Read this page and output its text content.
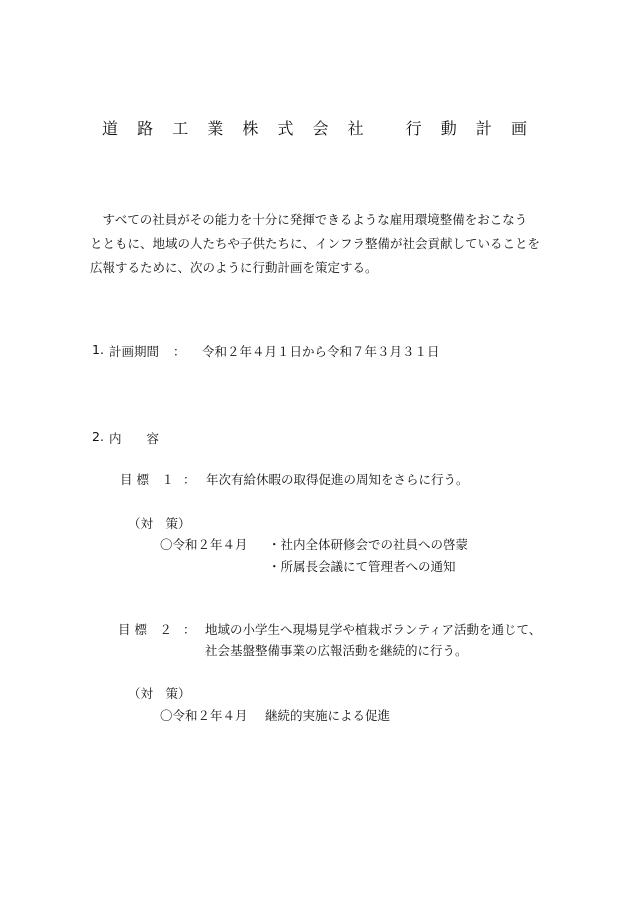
道 路 工 業 株 式 会 社　 行 動 計 画

　すべての社員がその能力を十分に発揮できるような雇用環境整備をおこなう

とともに、地域の人たちや子供たちに、インフラ整備が社会貢献していることを

広報するために、次のように行動計画を策定する。

1. 計画期間 ： 令和２年４月１日から令和７年３月３１日
2. 内　　容
目 標　１ ： 年次有給休暇の取得促進の周知をさらに行う。
（対　策）
〇令和２年４月 ・社内全体研修会での社員への啓蒙
・所属長会議にて管理者への通知
目 標　２ ： 地域の小学生へ現場見学や植栽ボランティア活動を通じて、
社会基盤整備事業の広報活動を継続的に行う。
（対　策）
〇令和２年４月 継続的実施による促進
